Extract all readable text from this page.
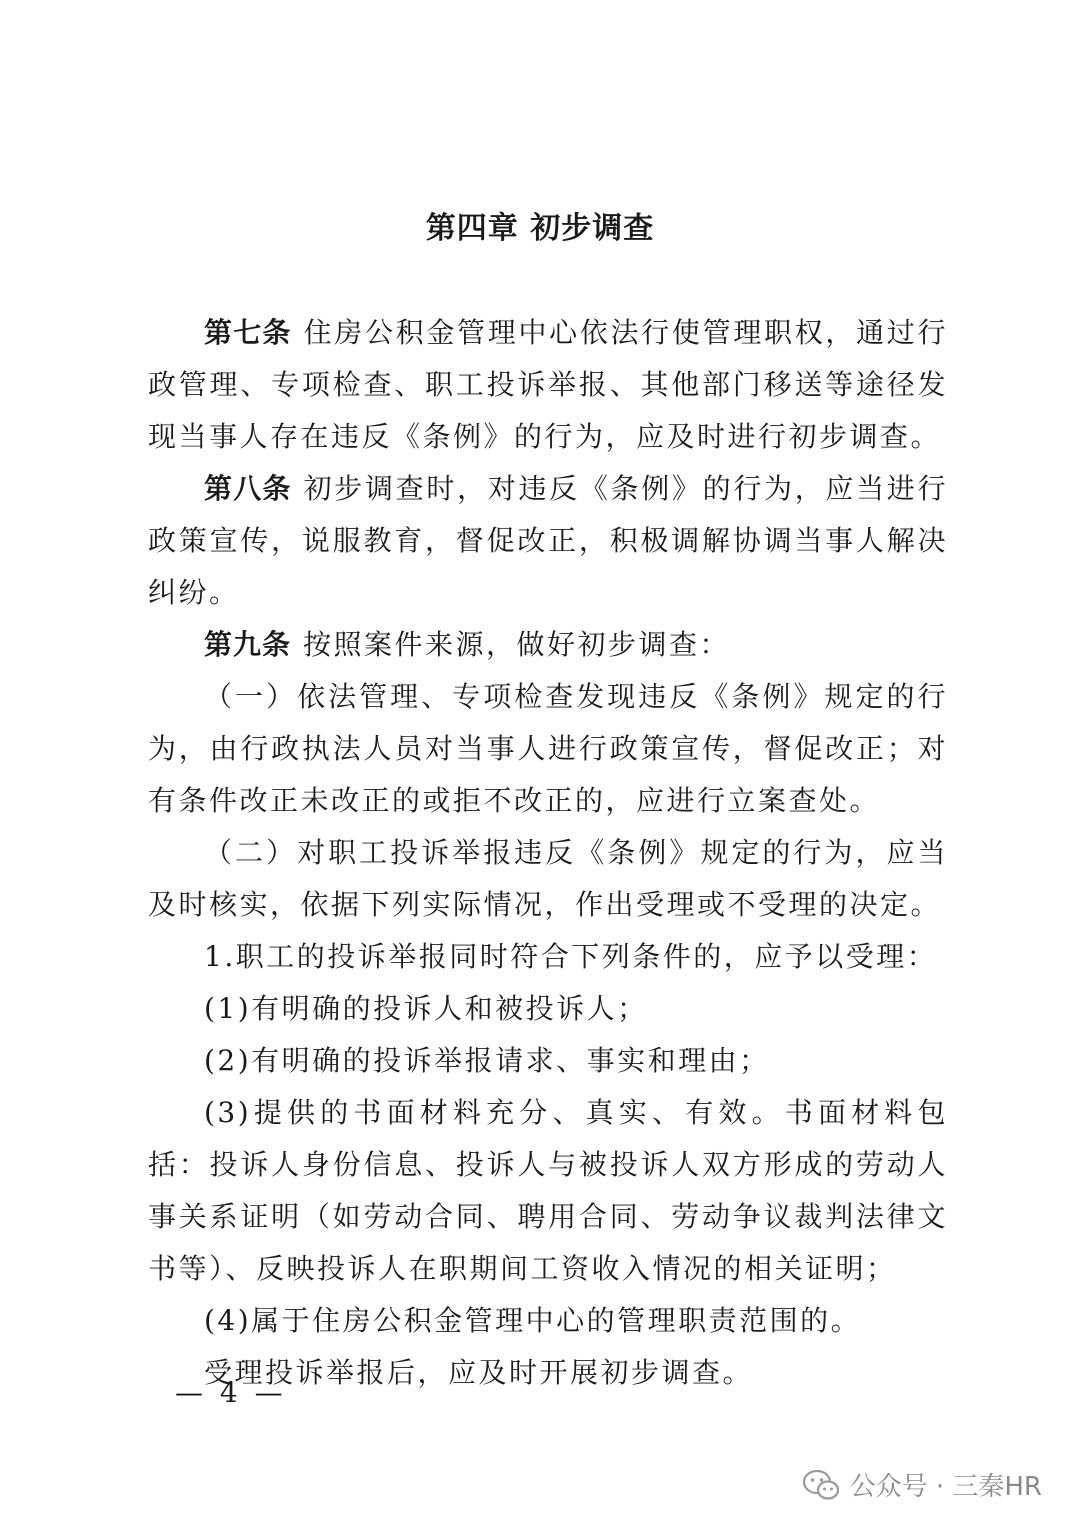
第四章 初步调查

第七条 住房公积金管理中心依法行使管理职权，通过行政管理、专项检查、职工投诉举报、其他部门移送等途径发现当事人存在违反《条例》的行为，应及时进行初步调查。

第八条 初步调查时，对违反《条例》的行为，应当进行政策宣传，说服教育，督促改正，积极调解协调当事人解决纠纷。

第九条 按照案件来源，做好初步调查：

（一）依法管理、专项检查发现违反《条例》规定的行为，由行政执法人员对当事人进行政策宣传，督促改正；对有条件改正未改正的或拒不改正的，应进行立案查处。

（二）对职工投诉举报违反《条例》规定的行为，应当及时核实，依据下列实际情况，作出受理或不受理的决定。

1.职工的投诉举报同时符合下列条件的，应予以受理：

(1)有明确的投诉人和被投诉人；

(2)有明确的投诉举报请求、事实和理由；

(3)提供的书面材料充分、真实、有效。书面材料包括：投诉人身份信息、投诉人与被投诉人双方形成的劳动人事关系证明（如劳动合同、聘用合同、劳动争议裁判法律文书等）、反映投诉人在职期间工资收入情况的相关证明；

(4)属于住房公积金管理中心的管理职责范围的。

受理投诉举报后，应及时开展初步调查。

— 4 —
公众号 · 三秦HR
